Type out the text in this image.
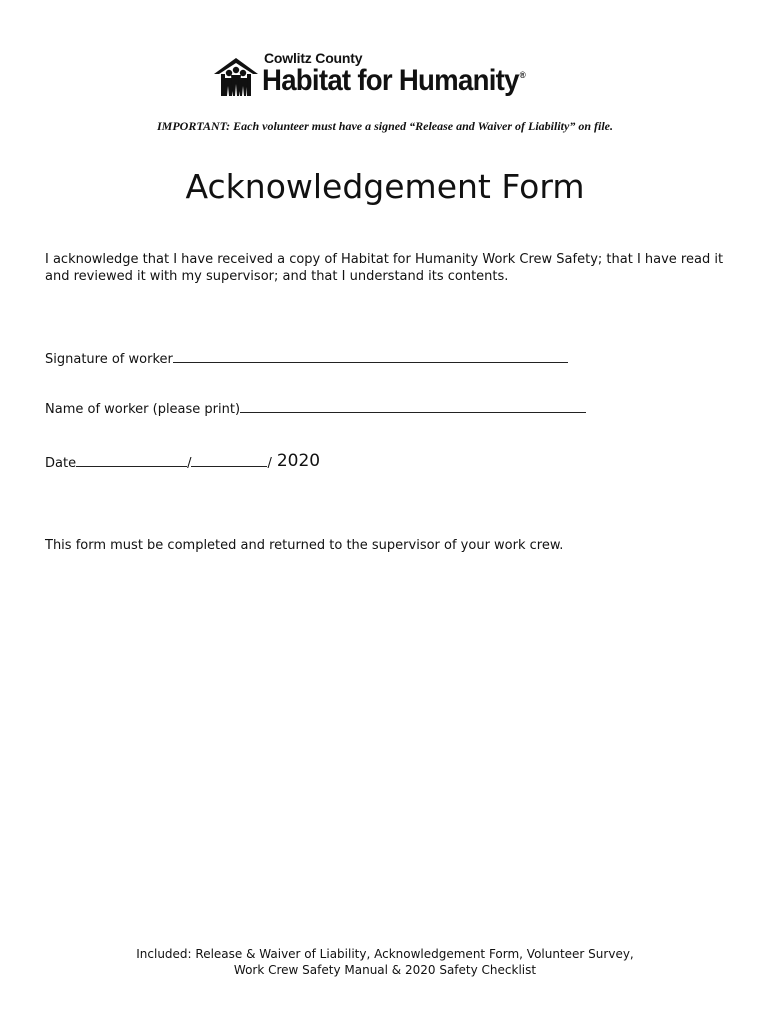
Cowlitz County
Habitat for Humanity®
IMPORTANT: Each volunteer must have a signed “Release and Waiver of Liability” on file.
Acknowledgement Form
I acknowledge that I have received a copy of Habitat for Humanity Work Crew Safety; that I have read it and reviewed it with my supervisor; and that I understand its contents.
Signature of worker
Name of worker (please print)
Date	/	/ 2020
This form must be completed and returned to the supervisor of your work crew.
Included: Release & Waiver of Liability, Acknowledgement Form, Volunteer Survey,
Work Crew Safety Manual & 2020 Safety Checklist
